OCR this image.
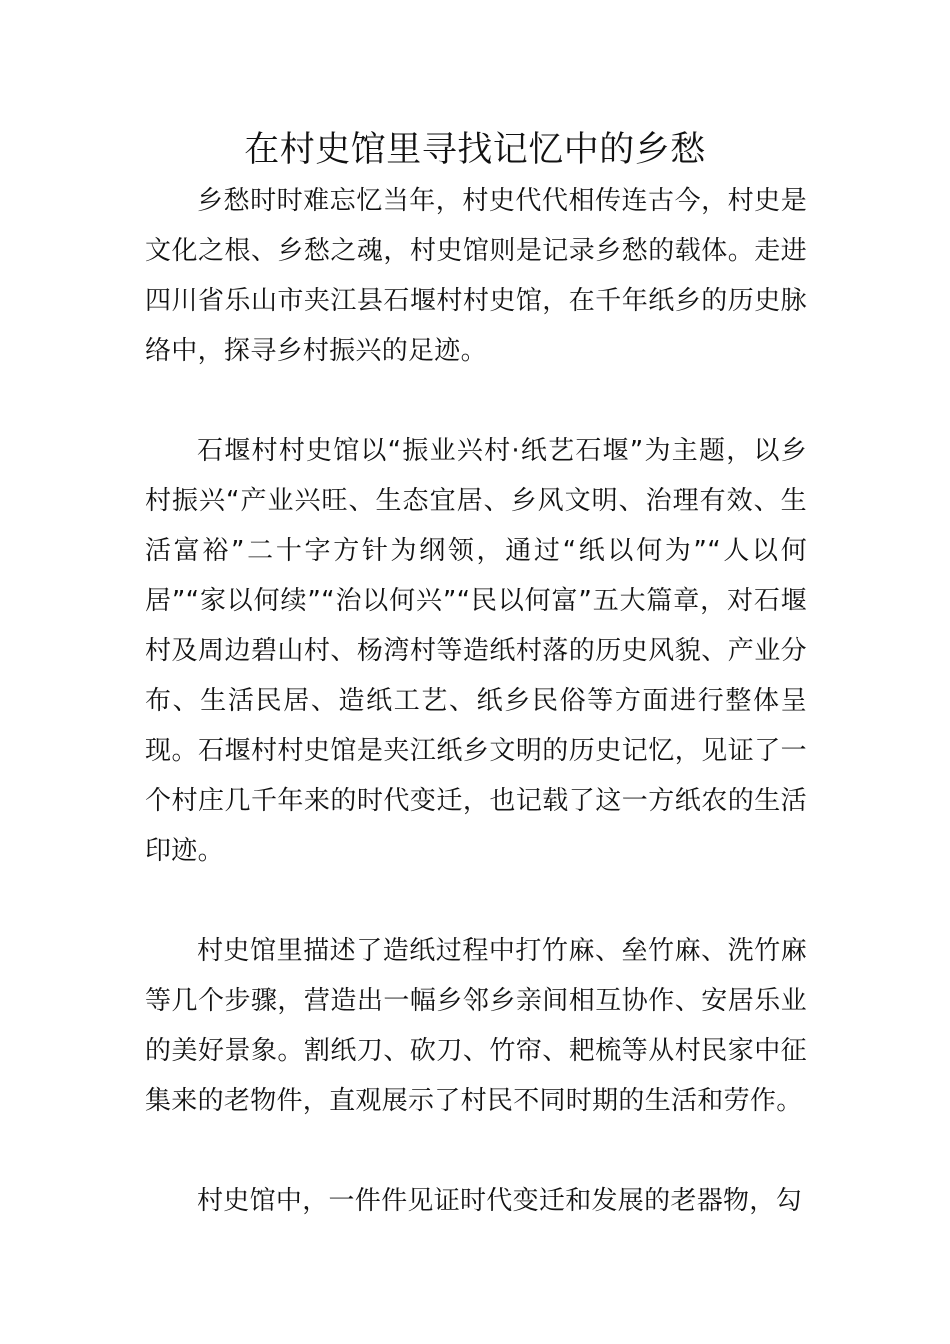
在村史馆里寻找记忆中的乡愁

乡愁时时难忘忆当年，村史代代相传连古今，村史是文化之根、乡愁之魂，村史馆则是记录乡愁的载体。走进四川省乐山市夹江县石堰村村史馆，在千年纸乡的历史脉络中，探寻乡村振兴的足迹。

石堰村村史馆以“振业兴村·纸艺石堰”为主题，以乡村振兴“产业兴旺、生态宜居、乡风文明、治理有效、生活富裕”二十字方针为纲领，通过“纸以何为”“人以何居”“家以何续”“治以何兴”“民以何富”五大篇章，对石堰村及周边碧山村、杨湾村等造纸村落的历史风貌、产业分布、生活民居、造纸工艺、纸乡民俗等方面进行整体呈现。石堰村村史馆是夹江纸乡文明的历史记忆，见证了一个村庄几千年来的时代变迁，也记载了这一方纸农的生活印迹。

村史馆里描述了造纸过程中打竹麻、垒竹麻、洗竹麻等几个步骤，营造出一幅乡邻乡亲间相互协作、安居乐业的美好景象。割纸刀、砍刀、竹帘、耙梳等从村民家中征集来的老物件，直观展示了村民不同时期的生活和劳作。

村史馆中，一件件见证时代变迁和发展的老器物，勾
